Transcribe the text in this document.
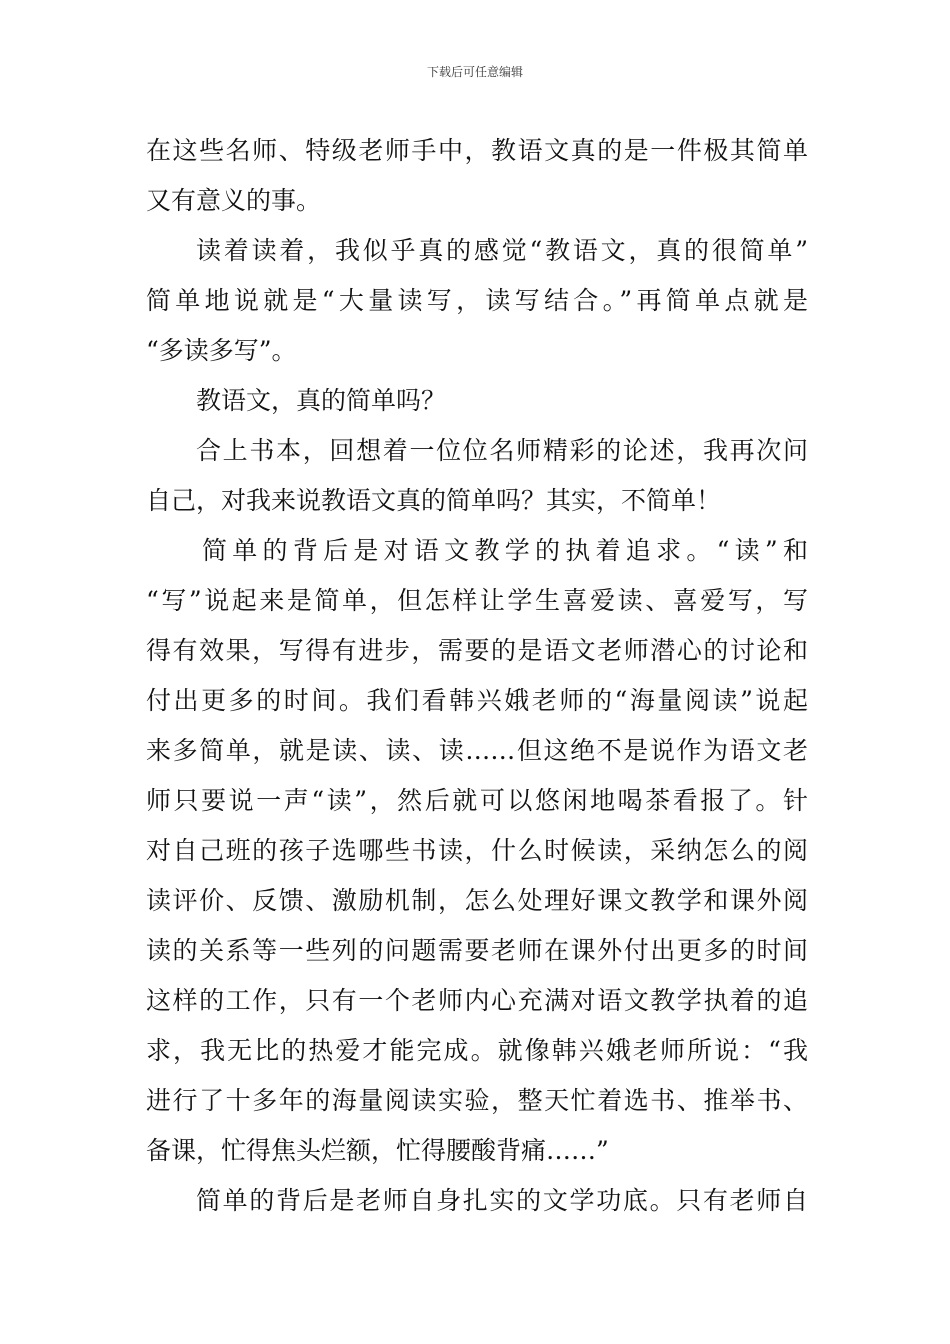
下载后可任意编辑
在这些名师、特级老师手中，教语文真的是一件极其简单
又有意义的事。
读着读着，我似乎真的感觉“教语文，真的很简单”
简单地说就是“大量读写，读写结合。”再简单点就是
“多读多写”。
教语文，真的简单吗？
合上书本，回想着一位位名师精彩的论述，我再次问
自己，对我来说教语文真的简单吗？其实，不简单！
简单的背后是对语文教学的执着追求。“读”和
“写”说起来是简单，但怎样让学生喜爱读、喜爱写，写
得有效果，写得有进步，需要的是语文老师潜心的讨论和
付出更多的时间。我们看韩兴娥老师的“海量阅读”说起
来多简单，就是读、读、读……但这绝不是说作为语文老
师只要说一声“读”，然后就可以悠闲地喝茶看报了。针
对自己班的孩子选哪些书读，什么时候读，采纳怎么的阅
读评价、反馈、激励机制，怎么处理好课文教学和课外阅
读的关系等一些列的问题需要老师在课外付出更多的时间
这样的工作，只有一个老师内心充满对语文教学执着的追
求，我无比的热爱才能完成。就像韩兴娥老师所说：“我
进行了十多年的海量阅读实验，整天忙着选书、推举书、
备课，忙得焦头烂额，忙得腰酸背痛……”
简单的背后是老师自身扎实的文学功底。只有老师自
